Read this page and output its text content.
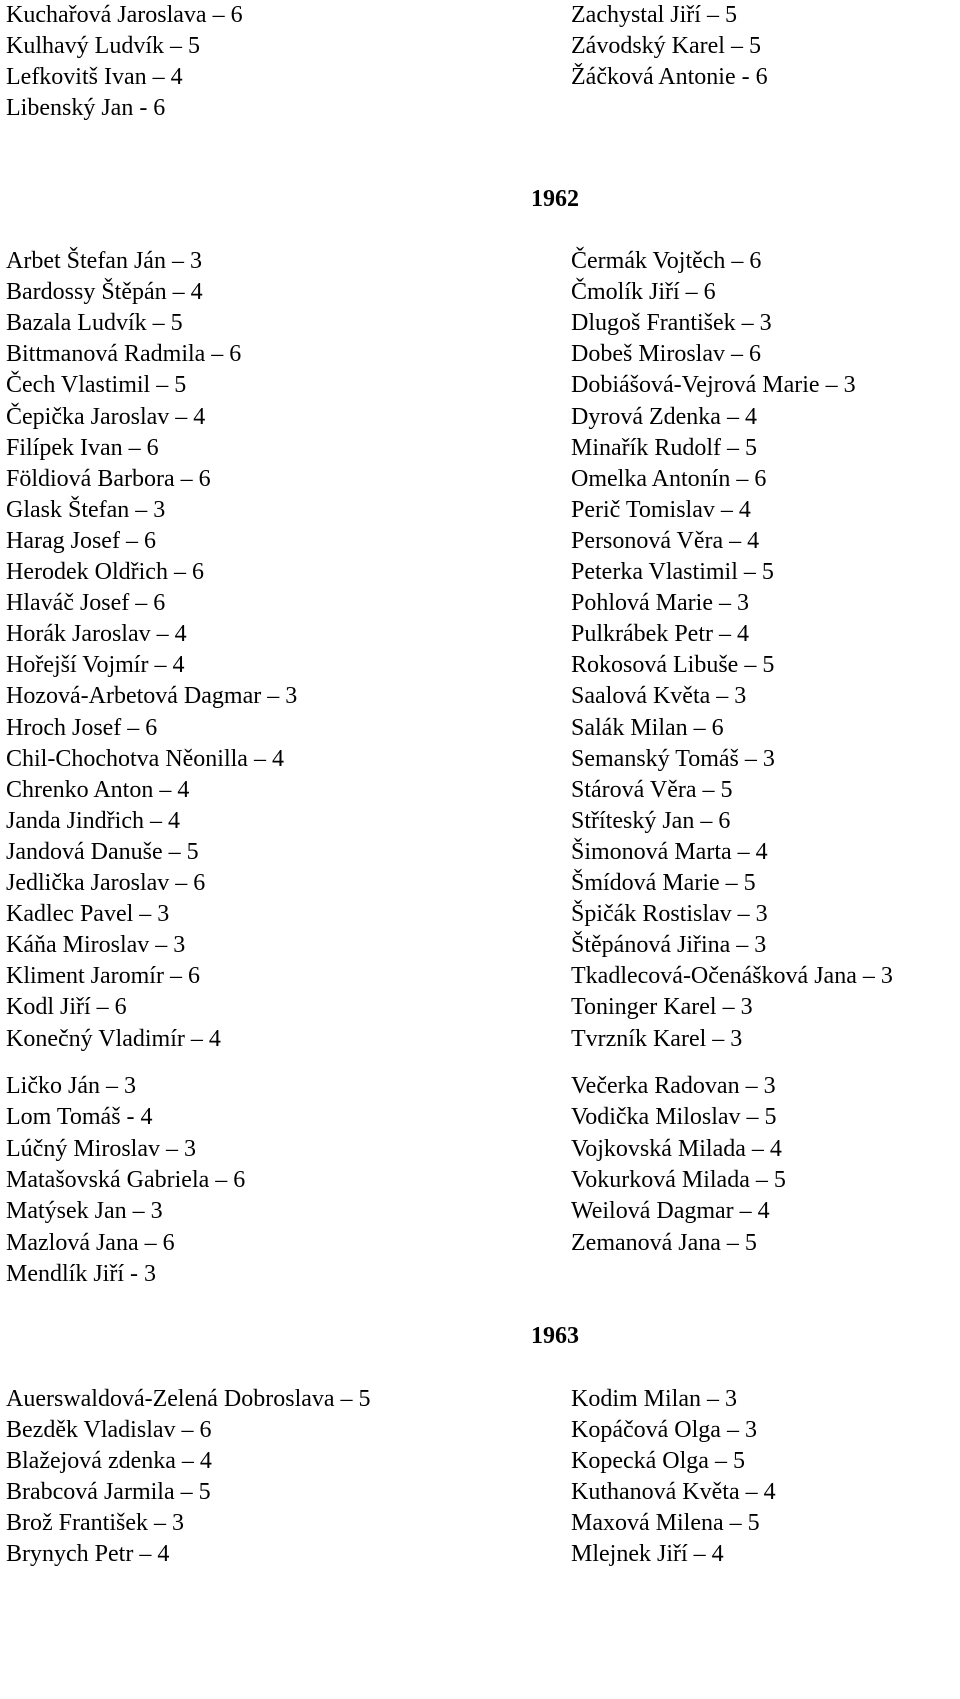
Kuchařová Jaroslava – 6	Zachystal Jiří – 5
Kulhavý Ludvík – 5	Závodský Karel – 5
Lefkovitš Ivan – 4	Žáčková Antonie - 6
Libenský Jan - 6
1962
Arbet Štefan Ján – 3	Čermák Vojtěch – 6
Bardossy Štěpán – 4	Čmolík Jiří – 6
Bazala Ludvík – 5	Dlugoš František – 3
Bittmanová Radmila – 6	Dobeš Miroslav – 6
Čech Vlastimil – 5	Dobiášová-Vejrová Marie – 3
Čepička Jaroslav – 4	Dyrová Zdenka – 4
Filípek Ivan – 6	Minařík Rudolf – 5
Földiová Barbora – 6	Omelka Antonín – 6
Glask Štefan – 3	Perič Tomislav – 4
Harag Josef – 6	Personová Věra – 4
Herodek Oldřich – 6	Peterka Vlastimil – 5
Hlaváč Josef – 6	Pohlová Marie – 3
Horák Jaroslav – 4	Pulkrábek Petr – 4
Hořejší Vojmír – 4	Rokosová Libuše – 5
Hozová-Arbetová Dagmar – 3	Saalová Květa – 3
Hroch Josef – 6	Salák Milan – 6
Chil-Chochotva Něonilla – 4	Semanský Tomáš – 3
Chrenko Anton – 4	Stárová Věra – 5
Janda Jindřich – 4	Stříteský Jan – 6
Jandová Danuše – 5	Šimonová Marta – 4
Jedlička Jaroslav – 6	Šmídová Marie – 5
Kadlec Pavel – 3	Špičák Rostislav – 3
Káňa Miroslav – 3	Štěpánová Jiřina – 3
Kliment Jaromír – 6	Tkadlecová-Očenášková Jana – 3
Kodl Jiří – 6	Toninger Karel – 3
Konečný Vladimír – 4	Tvrzník Karel – 3
Ličko Ján – 3	Večerka Radovan – 3
Lom Tomáš - 4	Vodička Miloslav – 5
Lúčný Miroslav – 3	Vojkovská Milada – 4
Matašovská Gabriela – 6	Vokurková Milada – 5
Matýsek Jan – 3	Weilová Dagmar – 4
Mazlová Jana – 6	Zemanová Jana – 5
Mendlík Jiří - 3
1963
Auerswaldová-Zelená Dobroslava – 5	Kodim Milan – 3
Bezděk Vladislav – 6	Kopáčová Olga – 3
Blažejová zdenka – 4	Kopecká Olga – 5
Brabcová Jarmila – 5	Kuthanová Květa – 4
Brož František – 3	Maxová Milena – 5
Brynych Petr – 4	Mlejnek Jiří – 4
